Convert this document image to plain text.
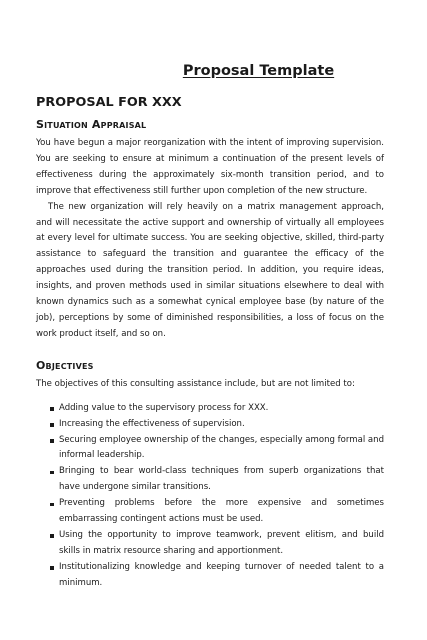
Proposal Template
PROPOSAL FOR XXX
Situation Appraisal

You have begun a major reorganization with the intent of improving supervision. You are seeking to ensure at minimum a continuation of the present levels of effectiveness during the approximately six-month transition period, and to improve that effectiveness still further upon completion of the new structure.

The new organization will rely heavily on a matrix management approach, and will necessitate the active support and ownership of virtually all employees at every level for ultimate success. You are seeking objective, skilled, third-party assistance to safeguard the transition and guarantee the efficacy of the approaches used during the transition period. In addition, you require ideas, insights, and proven methods used in similar situations elsewhere to deal with known dynamics such as a somewhat cynical employee base (by nature of the job), perceptions by some of diminished responsibilities, a loss of focus on the work product itself, and so on.

Objectives

The objectives of this consulting assistance include, but are not limited to:

Adding value to the supervisory process for XXX.
Increasing the effectiveness of supervision.
Securing employee ownership of the changes, especially among formal and informal leadership.
Bringing to bear world-class techniques from superb organizations that have undergone similar transitions.
Preventing problems before the more expensive and sometimes embarrassing contingent actions must be used.
Using the opportunity to improve teamwork, prevent elitism, and build skills in matrix resource sharing and apportionment.
Institutionalizing knowledge and keeping turnover of needed talent to a minimum.
